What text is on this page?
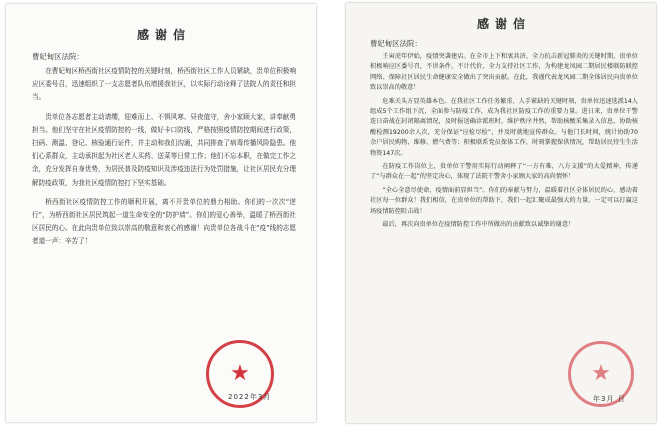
感谢信
曹妃甸区法院：

在曹妃甸区桥西街社区疫情防控的关键时刻，桥西街社区工作人员紧缺，贵单位积极响应区委号召，迅速组织了一支志愿者队伍增援我社区，以实际行动诠释了法院人的责任和担当。

贵单位各志愿者主动请缨，迎难而上、不惧风寒、昼夜值守，舍小家顾大家，讲奉献勇担当。他们坚守在社区疫情防控的一线，做好卡口防线，严格按照疫情防控期间进行政策，扫码、测温、登记、核验通行证件，并主动和我们沟通，共同排查了病毒传播风险隐患。他们心系群众，主动承担起为社区老人买药、送菜等日常工作；他们不忘本职，在做完工作之余，充分发挥自身优势，为居民普及防疫知识及涉疫违法行为处罚措施，让社区居民充分理解防疫政策，为我社区疫情防控打下坚实基础。

桥西街社区疫情防控工作的顺利开展，离不开贵单位的鼎力相助。你们的一次次“逆行”，为桥西街社区居民筑起一道生命安全的“防护墙”。你们的爱心善举，温暖了桥西街社区居民的心。在此向贵单位致以崇高的敬意和衷心的感谢！向贵单位各战斗在“疫”线的志愿者道一声：辛苦了！

★
2022年3月
感谢信
曹妃甸区法院：

壬寅虎年伊始，疫情突袭建店。在全市上下和衷共济、全力抗击新冠肺炎的关键时期，贵单位积极响应区委号召，不讲条件，不计代价，全力支持社区工作，为构建龙凤园二期居民楼联防联控网络、保障社区居民生命健康安全做出了突出贡献。在此，我谨代表龙凤园二期全体居民向贵单位致以崇高的敬意！

危难关头方显英雄本色。在我社区工作任务繁重、人手紧缺的关键时刻，贵单位迅速选派14人组成5个工作组下沉，全面参与防疫工作，成为我社区防疫工作的重要力量。进日来，贵单位干警连日奋战在封闭隔离情况，及时报送确诊派班时，维护秩序井然，帮助核酸采集录入信息，协助核酸检测19200余人次，充分保证“应检尽检”，并及时就地宣传群众。与他门长时间，统计协助70余户居民购物，维修、燃气费等；积极联系党员保体工作，时刻掌握保供情况，帮助居民待生生活物资147次。

在防疫工作岗位上，贵单位干警用实际行动阐释了“一方有难，八方支援”的大爱精神，传递了“与群众在一起”的坚定决心，体现了法院干警舍小家顾大家的高尚情怀！

“全心全意尽使命，疫情面前显担当”。你们的奉献与努力，温暖着社区全体居民的心，感动着社区每一位群众！我们相信，在贵单位的帮助下，我们一起汇聚成最强大的力量，一定可以打赢这场疫情防控阻击战！

最后，再次向贵单位在疫情防控工作中所做出的贡献致以诚挚的谢意！

★
年3月 日
